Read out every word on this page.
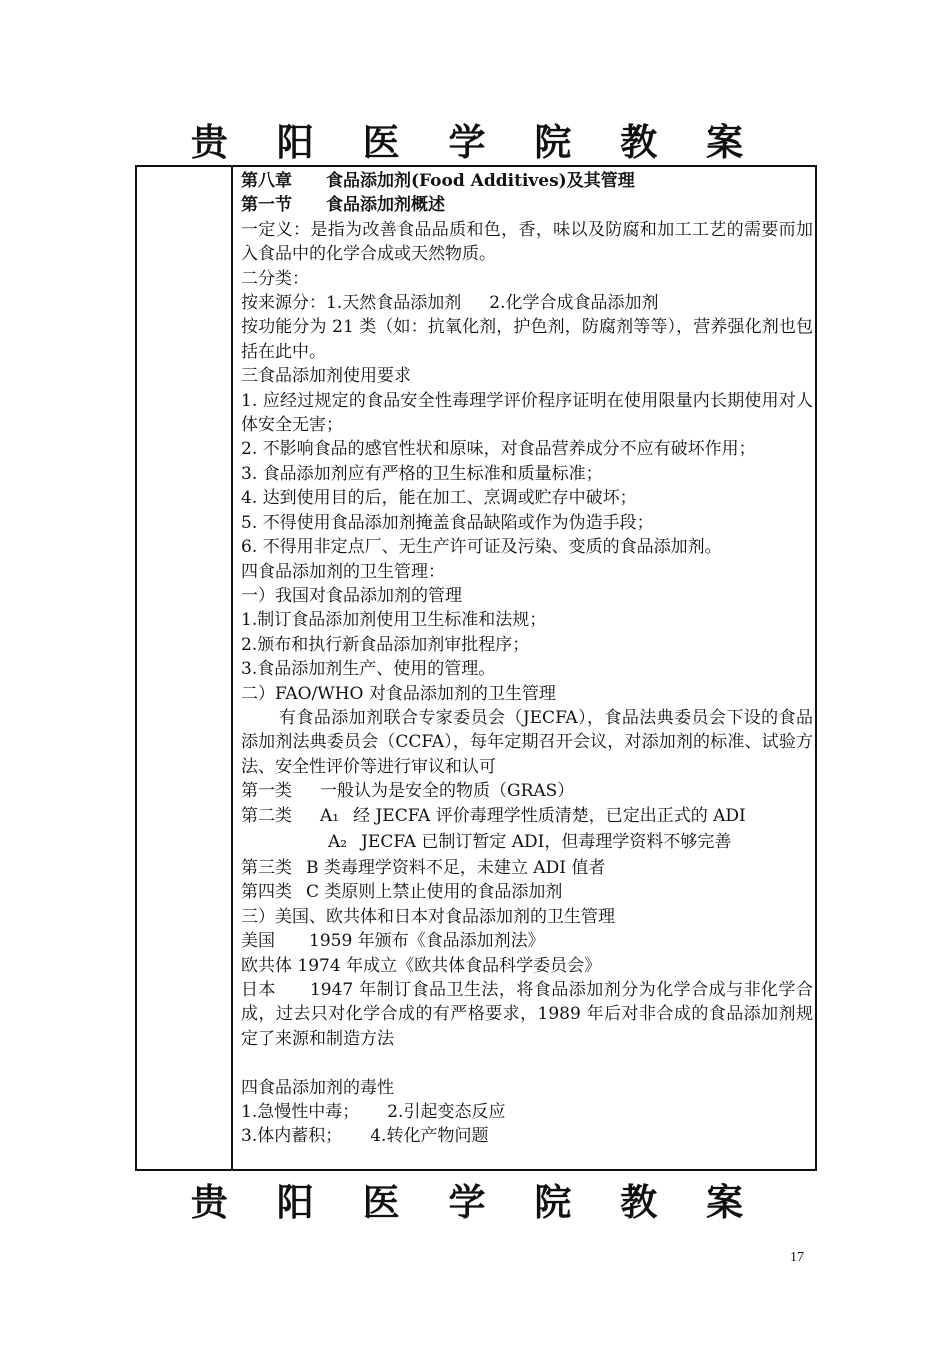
贵 阳 医 学 院 教 案
第八章 食品添加剂(Food Additives)及其管理
第一节 食品添加剂概述
一定义：是指为改善食品品质和色，香，味以及防腐和加工工艺的需要而加入食品中的化学合成或天然物质。
二分类：
按来源分：1.天然食品添加剂 2.化学合成食品添加剂
按功能分为 21 类（如：抗氧化剂，护色剂，防腐剂等等），营养强化剂也包括在此中。
三食品添加剂使用要求
1. 应经过规定的食品安全性毒理学评价程序证明在使用限量内长期使用对人体安全无害；
2. 不影响食品的感官性状和原味，对食品营养成分不应有破坏作用；
3. 食品添加剂应有严格的卫生标准和质量标准；
4. 达到使用目的后，能在加工、烹调或贮存中破坏；
5. 不得使用食品添加剂掩盖食品缺陷或作为伪造手段；
6. 不得用非定点厂、无生产许可证及污染、变质的食品添加剂。
四食品添加剂的卫生管理：
一）我国对食品添加剂的管理
1.制订食品添加剂使用卫生标准和法规；
2.颁布和执行新食品添加剂审批程序；
3.食品添加剂生产、使用的管理。
二）FAO/WHO 对食品添加剂的卫生管理
有食品添加剂联合专家委员会（JECFA），食品法典委员会下设的食品添加剂法典委员会（CCFA），每年定期召开会议，对添加剂的标准、试验方法、安全性评价等进行审议和认可
第一类 一般认为是安全的物质（GRAS）
第二类 A₁ 经 JECFA 评价毒理学性质清楚，已定出正式的 ADI
A₂ JECFA 已制订暂定 ADI，但毒理学资料不够完善
第三类 B 类毒理学资料不足，未建立 ADI 值者
第四类 C 类原则上禁止使用的食品添加剂
三）美国、欧共体和日本对食品添加剂的卫生管理
美国 1959 年颁布《食品添加剂法》
欧共体 1974 年成立《欧共体食品科学委员会》
日本 1947 年制订食品卫生法，将食品添加剂分为化学合成与非化学合成，过去只对化学合成的有严格要求，1989 年后对非合成的食品添加剂规定了来源和制造方法
四食品添加剂的毒性
1.急慢性中毒； 2.引起变态反应
3.体内蓄积； 4.转化产物问题
贵 阳 医 学 院 教 案
17
